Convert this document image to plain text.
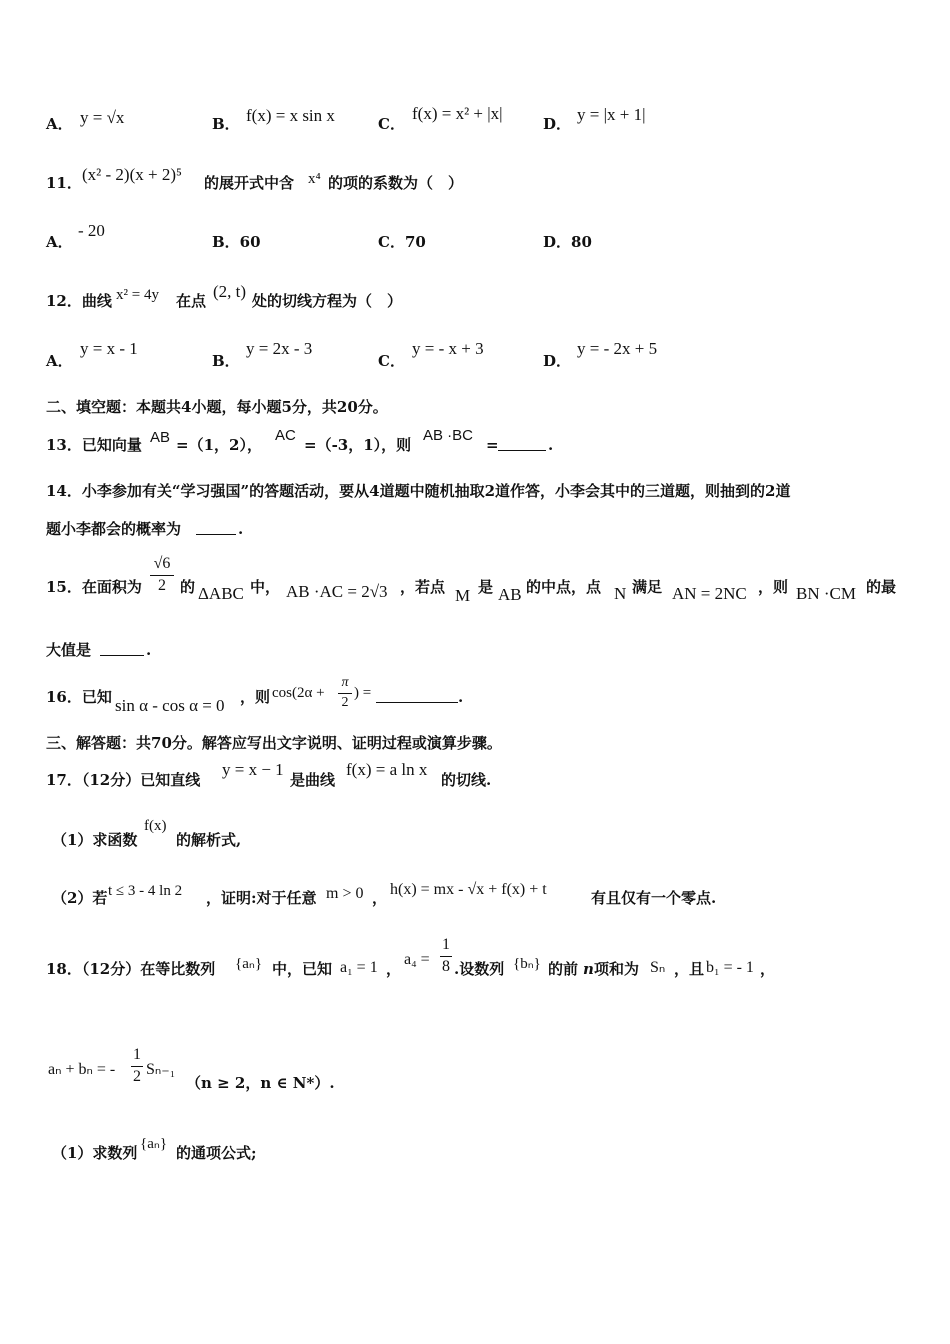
A． y = √x	B． f(x) = x sin x	C．
f(x) = x² + |x|
D． y = |x + 1|
11． (x² - 2)(x + 2)⁵ 的展开式中含 x⁴ 的项的系数为（　）
A．
- 20
B．60	C．70	D．80
12．曲线 x² = 4y 在点 (2, t) 处的切线方程为（　）
A．
y = x - 1
B．
y = 2x - 3
C．
y = - x + 3
D．
y = - 2x + 5
二、填空题：本题共4小题，每小题5分，共20分。
13．已知向量 AB =（1，2），
AC
=（-3，1），则
AB ·BC
=	.
14．小李参加有关“学习强国”的答题活动，要从4道题中随机抽取2道作答，小李会其中的三道题，则抽到的2道
题小李都会的概率为	.
15．在面积为
√6
2 的 ΔABC 中， AB ·AC = 2√3 ，若点 M 是 AB 的中点，点 N 满足 AN = 2NC ，则 BN ·CM 的最
大值是	.
16．已知 sin α - cos α = 0 ，则 cos(2α +
π
2
) =	.
三、解答题：共70分。解答应写出文字说明、证明过程或演算步骤。
17．（12分）已知直线
y = x − 1
是曲线
f(x) = a ln x
的切线.
（1）求函数
f(x)
的解析式,
（2）若 t ≤ 3 - 4 ln 2 ，证明:对于任意 m > 0 ， h(x) = mx - √x + f(x) + t	有且仅有一个零点.
18．（12分）在等比数列 {aₙ} 中，已知 a₁ = 1 ，
a₄ =
1
8 .设数列 {bₙ} 的前 n 项和为 Sₙ ，且 b₁ = - 1 ，
aₙ + bₙ = -
1
2 Sₙ₋₁
（n ≥ 2，n ∈ N*）.
（1）求数列 {aₙ} 的通项公式;
